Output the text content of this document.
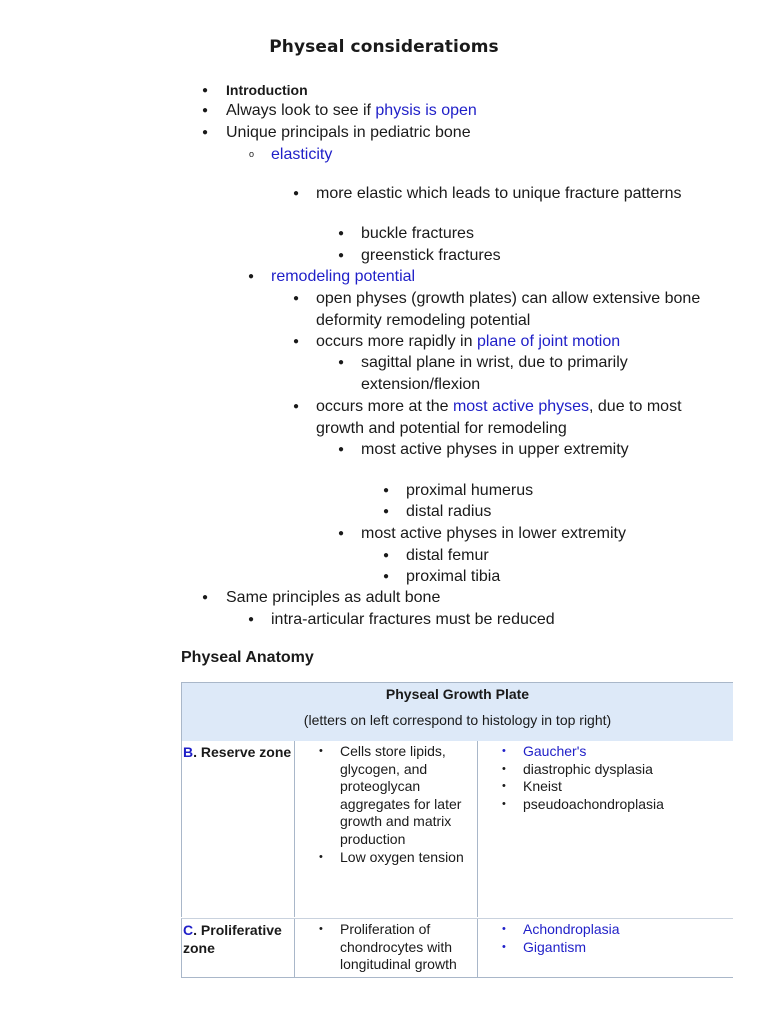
Physeal consideratioms
● Introduction
● Always look to see if physis is open
● Unique principals in pediatric bone
o elasticity
● more elastic which leads to unique fracture patterns
● buckle fractures
● greenstick fractures
● remodeling potential
● open physes (growth plates) can allow extensive bone
deformity remodeling potential
● occurs more rapidly in plane of joint motion
● sagittal plane in wrist, due to primarily
extension/flexion
● occurs more at the most active physes, due to most
growth and potential for remodeling
● most active physes in upper extremity
● proximal humerus
● distal radius
● most active physes in lower extremity
● distal femur
● proximal tibia
● Same principles as adult bone
● intra-articular fractures must be reduced
Physeal Anatomy
Physeal Growth Plate
(letters on left correspond to histology in top right)
B. Reserve zone
•	Cells store lipids, glycogen, and proteoglycan aggregates for later growth and matrix production
• Low oxygen tension
• Gaucher's
• diastrophic dysplasia
• Kneist
• pseudoachondroplasia
C. Proliferative zone
• Proliferation of chondrocytes with longitudinal growth
• Achondroplasia
• Gigantism
